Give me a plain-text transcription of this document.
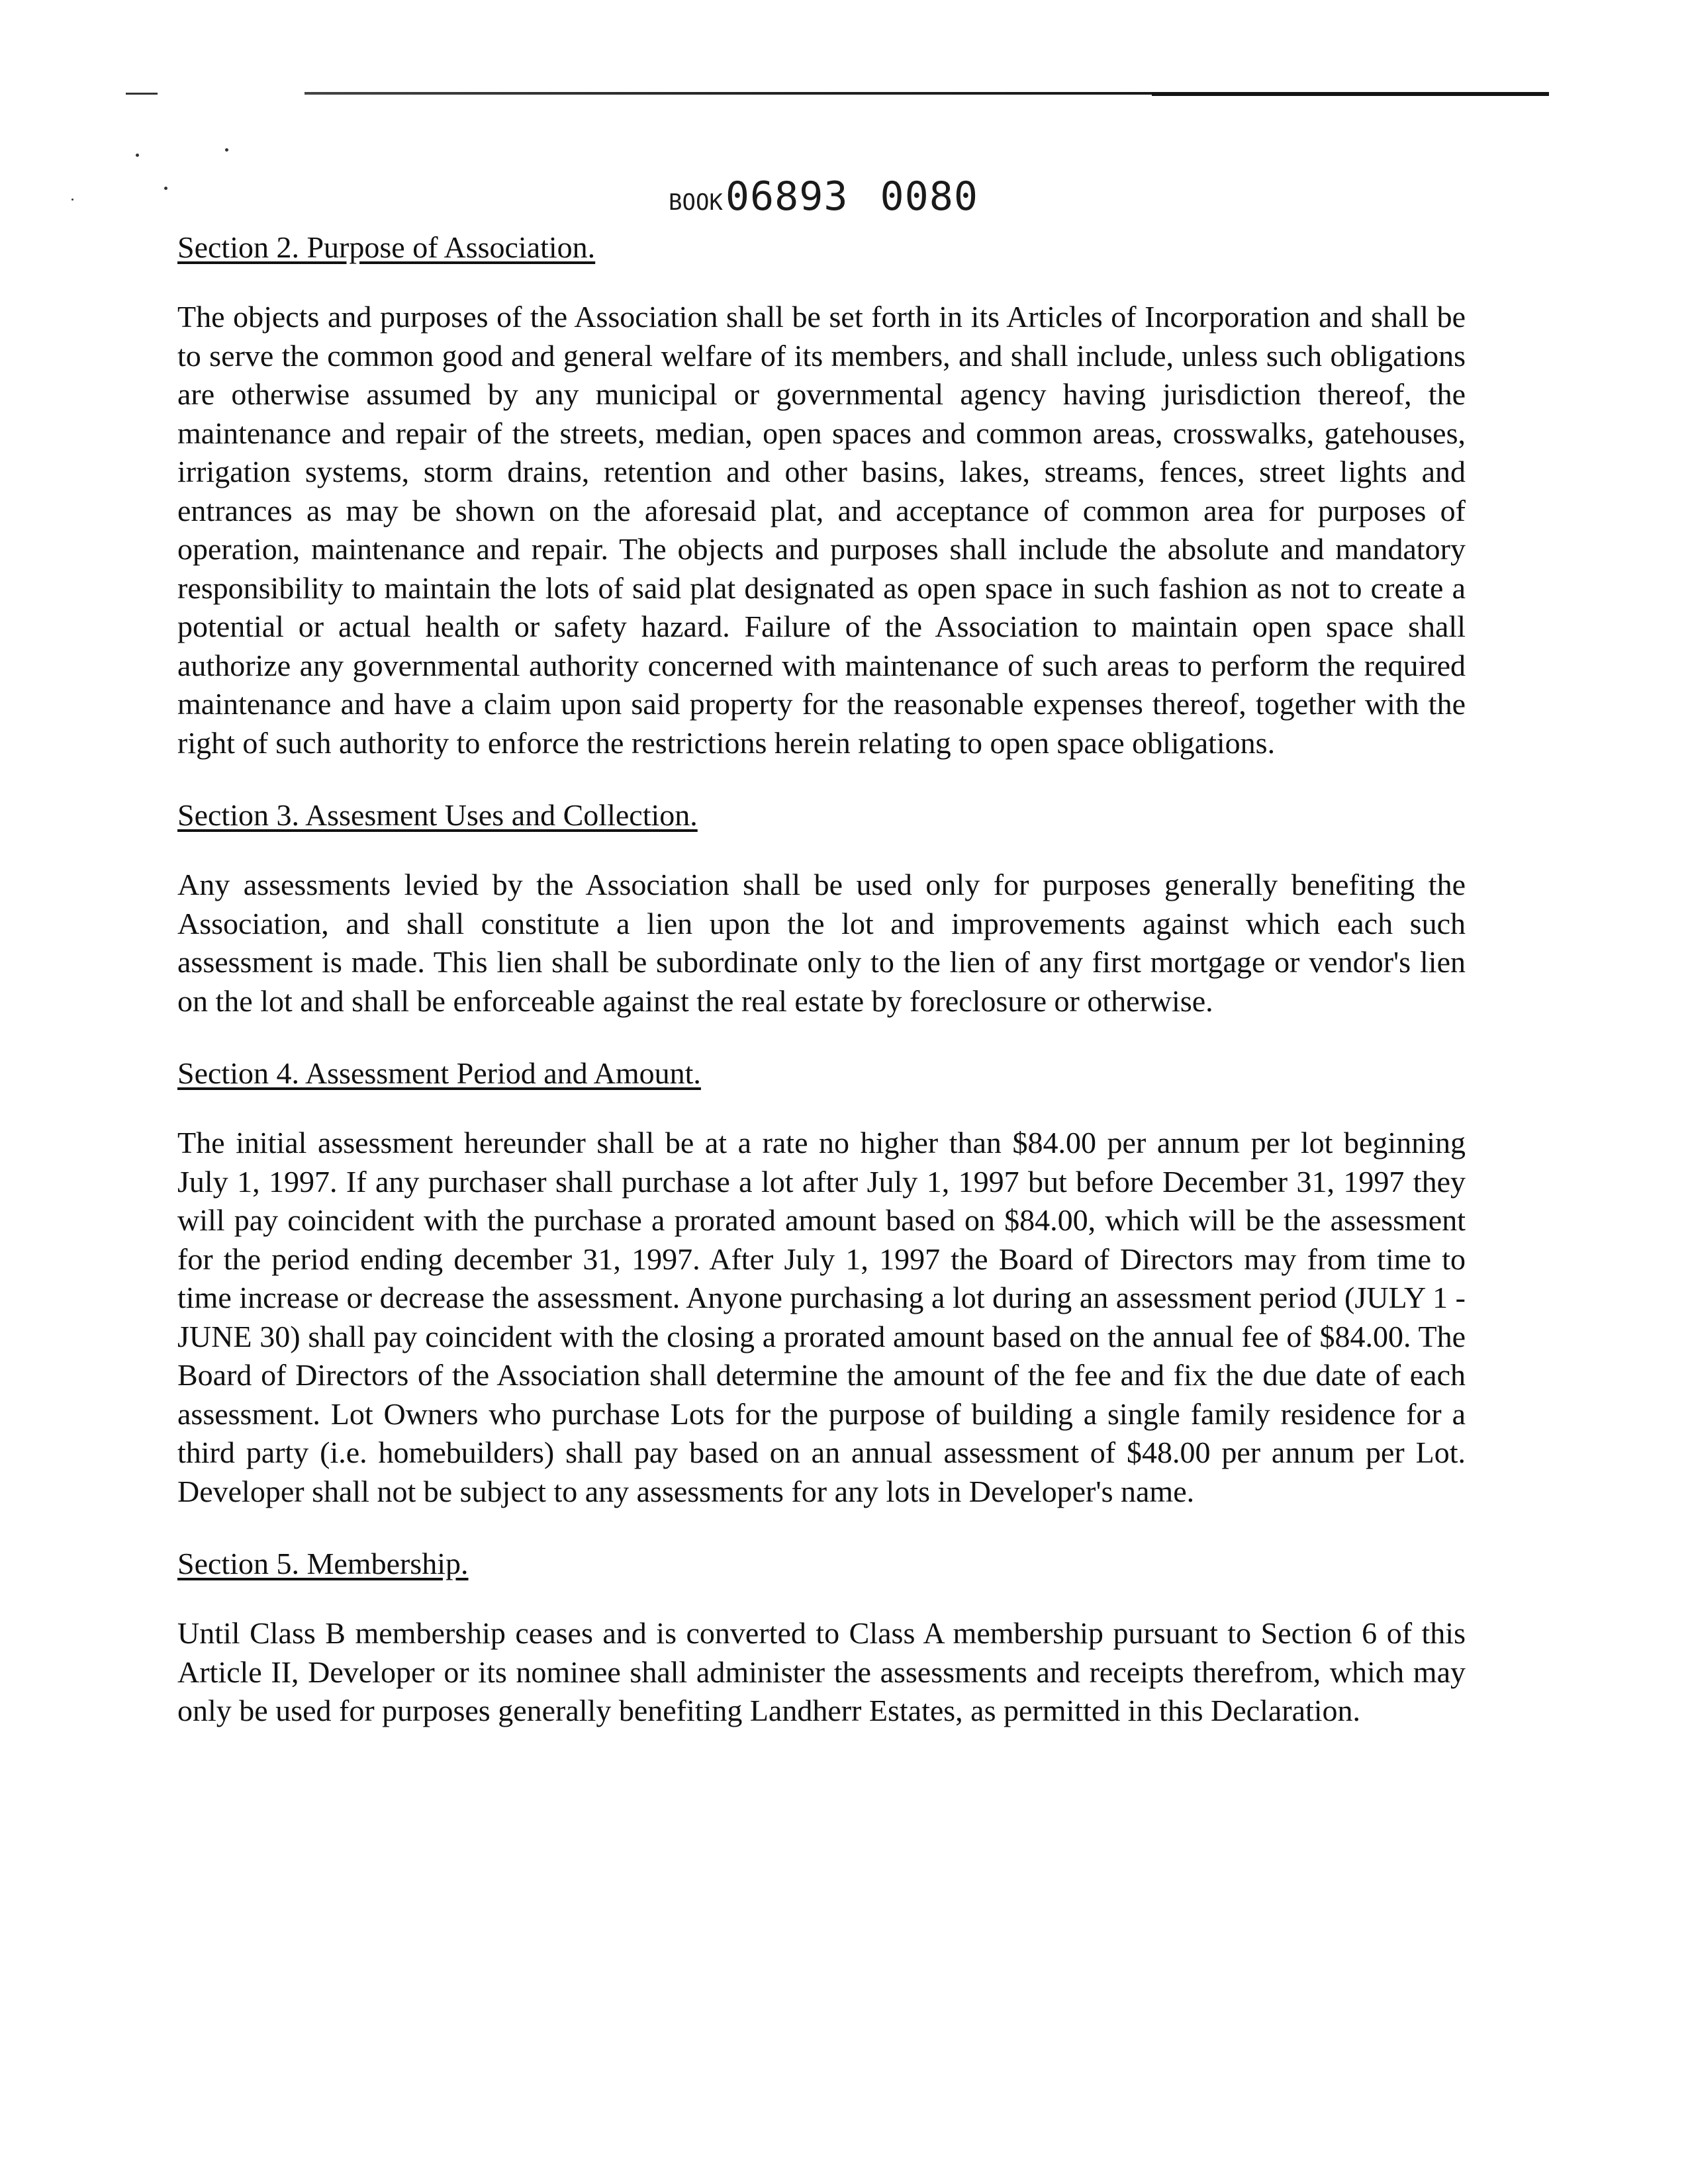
BOOK06893 0080
Section 2. Purpose of Association.

The objects and purposes of the Association shall be set forth in its Articles of Incorporation and shall be to serve the common good and general welfare of its members, and shall include, unless such obligations are otherwise assumed by any municipal or governmental agency having jurisdiction thereof, the maintenance and repair of the streets, median, open spaces and common areas, crosswalks, gatehouses, irrigation systems, storm drains, retention and other basins, lakes, streams, fences, street lights and entrances as may be shown on the aforesaid plat, and acceptance of common area for purposes of operation, maintenance and repair. The objects and purposes shall include the absolute and mandatory responsibility to maintain the lots of said plat designated as open space in such fashion as not to create a potential or actual health or safety hazard. Failure of the Association to maintain open space shall authorize any governmental authority concerned with maintenance of such areas to perform the required maintenance and have a claim upon said property for the reasonable expenses thereof, together with the right of such authority to enforce the restrictions herein relating to open space obligations.

Section 3. Assesment Uses and Collection.

Any assessments levied by the Association shall be used only for purposes generally benefiting the Association, and shall constitute a lien upon the lot and improvements against which each such assessment is made. This lien shall be subordinate only to the lien of any first mortgage or vendor's lien on the lot and shall be enforceable against the real estate by foreclosure or otherwise.

Section 4. Assessment Period and Amount.

The initial assessment hereunder shall be at a rate no higher than $84.00 per annum per lot beginning July 1, 1997. If any purchaser shall purchase a lot after July 1, 1997 but before December 31, 1997 they will pay coincident with the purchase a prorated amount based on $84.00, which will be the assessment for the period ending december 31, 1997. After July 1, 1997 the Board of Directors may from time to time increase or decrease the assessment. Anyone purchasing a lot during an assessment period (JULY 1 - JUNE 30) shall pay coincident with the closing a prorated amount based on the annual fee of $84.00. The Board of Directors of the Association shall determine the amount of the fee and fix the due date of each assessment. Lot Owners who purchase Lots for the purpose of building a single family residence for a third party (i.e. homebuilders) shall pay based on an annual assessment of $48.00 per annum per Lot. Developer shall not be subject to any assessments for any lots in Developer's name.

Section 5. Membership.

Until Class B membership ceases and is converted to Class A membership pursuant to Section 6 of this Article II, Developer or its nominee shall administer the assessments and receipts therefrom, which may only be used for purposes generally benefiting Landherr Estates, as permitted in this Declaration.
